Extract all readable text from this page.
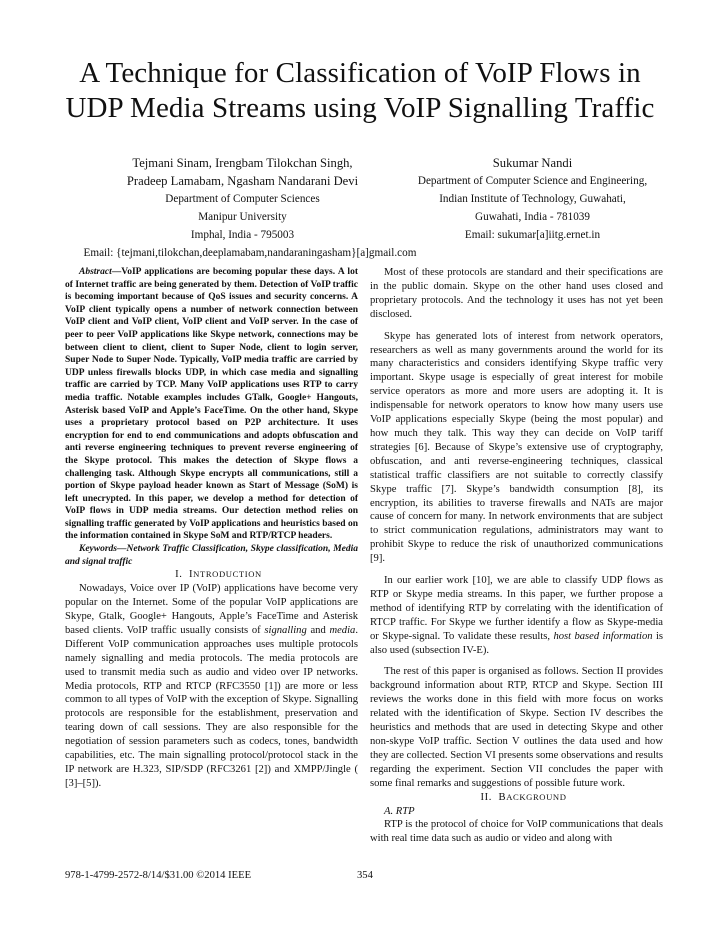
A Technique for Classification of VoIP Flows in
UDP Media Streams using VoIP Signalling Traffic
Tejmani Sinam, Irengbam Tilokchan Singh,
Pradeep Lamabam, Ngasham Nandarani Devi
Department of Computer Sciences
Manipur University
Imphal, India - 795003
Sukumar Nandi
Department of Computer Science and Engineering,
Indian Institute of Technology, Guwahati,
Guwahati, India - 781039
Email: sukumar[a]iitg.ernet.in
Email: {tejmani,tilokchan,deeplamabam,nandaraningasham}[a]gmail.com

Abstract—VoIP applications are becoming popular these days. A lot of Internet traffic are being generated by them. Detection of VoIP traffic is becoming important because of QoS issues and security concerns. A VoIP client typically opens a number of network connection between VoIP client and VoIP client, VoIP client and VoIP server. In the case of peer to peer VoIP applications like Skype network, connections may be between client to client, client to Super Node, client to login server, Super Node to Super Node. Typically, VoIP media traffic are carried by UDP unless firewalls blocks UDP, in which case media and signalling traffic are carried by TCP. Many VoIP applications uses RTP to carry media traffic. Notable examples includes GTalk, Google+ Hangouts, Asterisk based VoIP and Apple’s FaceTime. On the other hand, Skype uses a proprietary protocol based on P2P architecture. It uses encryption for end to end communications and adopts obfuscation and anti reverse engineering techniques to prevent reverse engineering of the Skype protocol. This makes the detection of Skype flows a challenging task. Although Skype encrypts all communications, still a portion of Skype payload header known as Start of Message (SoM) is left unecrypted. In this paper, we develop a method for detection of VoIP flows in UDP media streams. Our detection method relies on signalling traffic generated by VoIP applications and heuristics based on the information contained in Skype SoM and RTP/RTCP headers.

Keywords—Network Traffic Classification, Skype classification, Media and signal traffic

I. INTRODUCTION

Nowadays, Voice over IP (VoIP) applications have become very popular on the Internet. Some of the popular VoIP applications are Skype, Gtalk, Google+ Hangouts, Apple’s FaceTime and Asterisk based clients. VoIP traffic usually consists of signalling and media. Different VoIP communication approaches uses multiple protocols namely signalling and media protocols. The media protocols are used to transmit media such as audio and video over IP networks. Media protocols, RTP and RTCP (RFC3550 [1]) are more or less common to all types of VoIP with the exception of Skype. Signalling protocols are responsible for the establishment, preservation and tearing down of call sessions. They are also responsible for the negotiation of session parameters such as codecs, tones, bandwidth capabilities, etc. The main signalling protocol/protocol stack in the IP network are H.323, SIP/SDP (RFC3261 [2]) and XMPP/Jingle ( [3]–[5]).

Most of these protocols are standard and their specifications are in the public domain. Skype on the other hand uses closed and proprietary protocols. And the technology it uses has not yet been disclosed.

Skype has generated lots of interest from network operators, researchers as well as many governments around the world for its many characteristics and considers identifying Skype traffic very important. Skype usage is especially of great interest for mobile service operators as more and more users are adopting it. It is indispensable for network operators to know how many users use VoIP applications especially Skype (being the most popular) and how much they talk. This way they can decide on VoIP tariff strategies [6]. Because of Skype’s extensive use of cryptography, obfuscation, and anti reverse-engineering techniques, classical statistical traffic classifiers are not suitable to correctly classify Skype traffic [7]. Skype’s bandwidth consumption [8], its encryption, its abilities to traverse firewalls and NATs are major cause of concern for many. In network environments that are subject to strict communication regulations, administrators may want to prohibit Skype to reduce the risk of unauthorized communications [9].

In our earlier work [10], we are able to classify UDP flows as RTP or Skype media streams. In this paper, we further propose a method of identifying RTP by correlating with the identification of RTCP traffic. For Skype we further identify a flow as Skype-media or Skype-signal. To validate these results, host based information is also used (subsection IV-E).

The rest of this paper is organised as follows. Section II provides background information about RTP, RTCP and Skype. Section III reviews the works done in this field with more focus on works related with the identification of Skype. Section IV describes the heuristics and methods that are used in detecting Skype and other non-skype VoIP traffic. Section V outlines the data used and how they are collected. Section VI presents some observations and results regarding the experiment. Section VII concludes the paper with some final remarks and suggestions of possible future work.

II. BACKGROUND

A. RTP

RTP is the protocol of choice for VoIP communications that deals with real time data such as audio or video and along with

978-1-4799-2572-8/14/$31.00 ©2014 IEEE	354
